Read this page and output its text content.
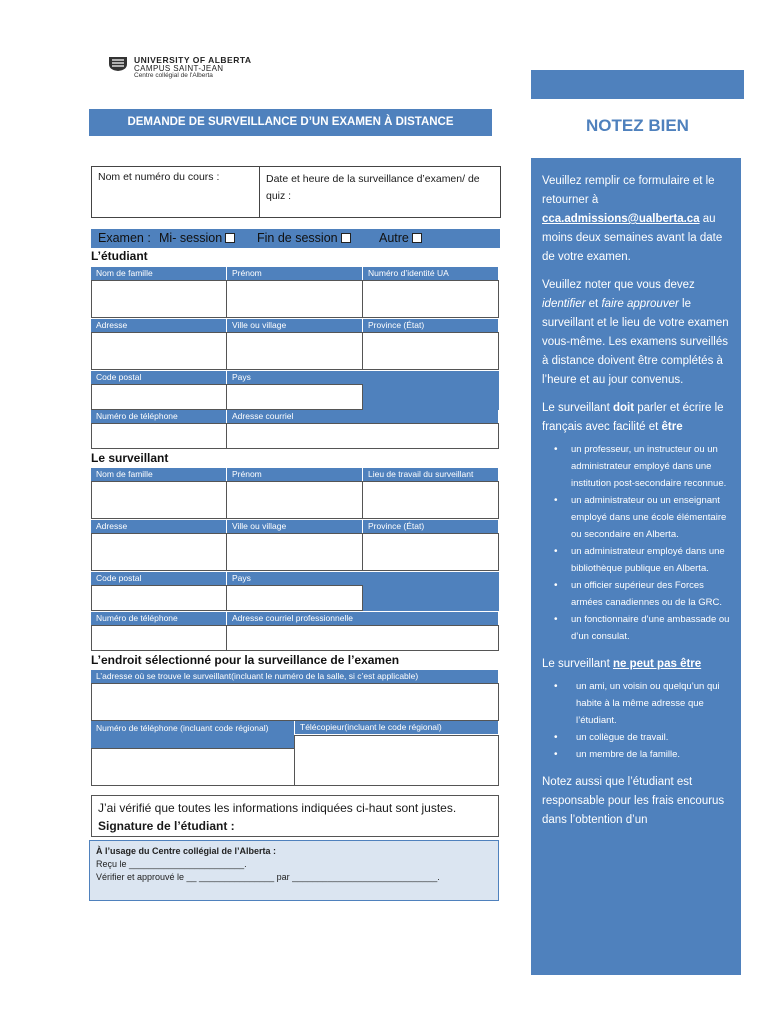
UNIVERSITY OF ALBERTA
CAMPUS SAINT-JEAN
Centre collégial de l'Alberta
DEMANDE DE SURVEILLANCE D’UN EXAMEN À DISTANCE	NOTEZ BIEN
Nom et numéro du cours :	Date et heure de la surveillance d’examen/ de quiz :
Examen : Mi- session	Fin de session	Autre
L’étudiant
Nom de famille	Prénom	Numéro d’identité UA
Adresse	Ville ou village	Province (État)
Code postal	Pays
Numéro de téléphone	Adresse courriel
Le surveillant
Nom de famille	Prénom	Lieu de travail du surveillant
Adresse	Ville ou village	Province (État)
Code postal	Pays
Numéro de téléphone	Adresse courriel professionnelle
L’endroit sélectionné pour la surveillance de l’examen
L’adresse où se trouve le surveillant(incluant le numéro de la salle, si c’est applicable)
Numéro de téléphone (incluant code régional)	Télécopieur(incluant le code régional)
J’ai vérifié que toutes les informations indiquées ci-haut sont justes.
Signature de l’étudiant :
À l’usage du Centre collégial de l’Alberta :
Reçu le _______________________.
Vérifier et approuvé le __ _______________ par _____________________________.

Veuillez remplir ce formulaire et le retourner à cca.admissions@ualberta.ca au moins deux semaines avant la date de votre examen.

Veuillez noter que vous devez identifier et faire approuver le surveillant et le lieu de votre examen vous-même. Les examens surveillés à distance doivent être complétés à l’heure et au jour convenus.

Le surveillant doit parler et écrire le français avec facilité et être

• un professeur, un instructeur ou un administrateur employé dans une institution post-secondaire reconnue.
• un administrateur ou un enseignant employé dans une école élémentaire ou secondaire en Alberta.
• un administrateur employé dans une bibliothèque publique en Alberta.
• un officier supérieur des Forces armées canadiennes ou de la GRC.
• un fonctionnaire d’une ambassade ou d’un consulat.

Le surveillant ne peut pas être

• un ami, un voisin ou quelqu’un qui habite à la même adresse que l’étudiant.
• un collègue de travail.
• un membre de la famille.

Notez aussi que l’étudiant est responsable pour les frais encourus dans l’obtention d’un
